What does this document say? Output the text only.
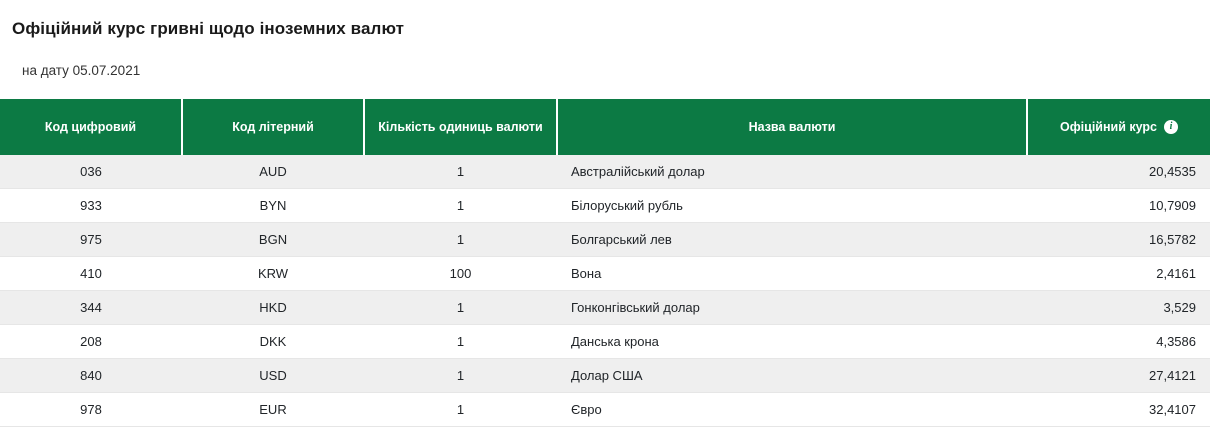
Офіційний курс гривні щодо іноземних валют
на дату 05.07.2021
Код цифровий	Код літерний	Кількість одиниць валюти	Назва валюти	Офіційний курс i

036	AUD	1	Австралійський долар	20,4535
933	BYN	1	Білоруський рубль	10,7909
975	BGN	1	Болгарський лев	16,5782
410	KRW	100	Вона	2,4161
344	HKD	1	Гонконгівський долар	3,529
208	DKK	1	Данська крона	4,3586
840	USD	1	Долар США	27,4121
978	EUR	1	Євро	32,4107
